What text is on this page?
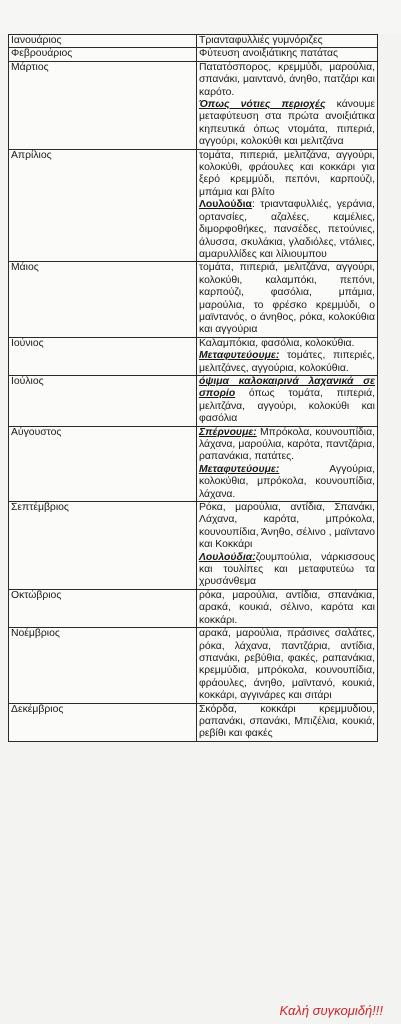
Ιανουάριος	Τριανταφυλλιές γυμνόριζες

Φεβρουάριος	Φύτευση ανοιξιάτικης πατάτας

Μάρτιος	Πατατόσπορος, κρεμμύδι, μαρούλια, σπανάκι, μαιντανό, άνηθο, πατζάρι και καρότο.
Όπως νότιες περιοχές κάνουμε μεταφύτευση στα πρώτα ανοιξιάτικα κηπευτικά όπως ντομάτα, πιπεριά, αγγούρι, κολοκύθι και μελιτζάνα

Απρίλιος	τομάτα, πιπεριά, μελιτζάνα, αγγούρι, κολοκύθι, φράουλες και κοκκάρι για ξερό κρεμμύδι, πεπόνι, καρπούζι, μπάμια και βλίτο
Λουλούδια: τριανταφυλλιές, γεράνια, ορτανσίες, αζαλέες, καμέλιες, διμορφοθήκες, πανσέδες, πετούνιες, άλυσσα, σκυλάκια, γλαδιόλες, ντάλιες, αμαρυλλίδες και λίλιουμπου

Μάιος	τομάτα, πιπεριά, μελιτζάνα, αγγούρι, κολοκύθι, καλαμπόκι, πεπόνι, καρπούζι, φασόλια, μπάμια, μαρούλια, το φρέσκο κρεμμύδι, ο μαϊντανός, ο άνηθος, ρόκα, κολοκύθια και αγγούρια

Ιούνιος	Καλαμπόκια, φασόλια, κολοκύθια.
Μεταφυτεύουμε: τομάτες, πιπεριές, μελιτζάνες, αγγούρια, κολοκύθια.

Ιούλιος	όψιμα καλοκαιρινά λαχανικά σε σπορίο όπως τομάτα, πιπεριά, μελιτζάνα, αγγούρι, κολοκύθι και φασόλια

Αύγουστος	Σπέρνουμε: Μπρόκολα, κουνουπίδια, λάχανα, μαρούλια, καρότα, παντζάρια, ραπανάκια, πατάτες.
Μεταφυτεύουμε: Αγγούρια, κολοκύθια, μπρόκολα, κουνουπίδια, λάχανα.

Σεπτέμβριος	Ρόκα, μαρούλια, αντίδια, Σπανάκι, Λάχανα, καρότα, μπρόκολα, κουνουπίδια, Άνηθο, σέλινο , μαϊντανο και Κοκκάρι
Λουλούδια:ζουμπούλια, νάρκισσους και τουλίπες και μεταφυτεύω τα χρυσάνθεμα

Οκτώβριος	ρόκα, μαρούλια, αντίδια, σπανάκια, αρακά, κουκιά, σέλινο, καρότα και κοκκάρι.

Νοέμβριος	αρακά, μαρούλια, πράσινες σαλάτες, ρόκα, λάχανα, παντζάρια, αντίδια, σπανάκι, ρεβύθια, φακές, ραπανάκια, κρεμμύδια, μπρόκολα, κουνουπίδια, φράουλες, άνηθο, μαϊντανό, κουκιά, κοκκάρι, αγγινάρες και σιτάρι

Δεκέμβριος	Σκόρδα, κοκκάρι κρεμμυδιου, ραπανάκι, σπανάκι, Μπιζέλια, κουκιά, ρεβίθι και φακές
Καλή συγκομιδή!!!
